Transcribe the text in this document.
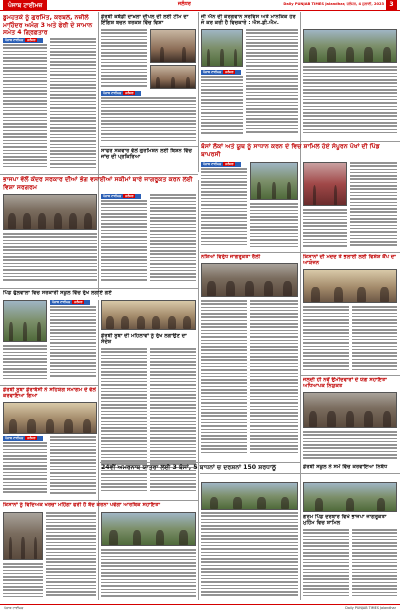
ਪੰਜਾਬ ਟਾਈਮਜ਼	ਜਲੰਧਰ	Daily PUNJAB TIMES Jalandhar, ਜਲੰਧਰ, 4 ਜੁਲਾਈ, 2023 3
ਡੂਮਹਤਕੇ ਨੂੰ ਗੁਰਮਿੰਤ, ਕਰਬਲ, ਨਜ਼ੀਲੇ ਮਾਹਿੰਦਰ ਅਮੰਗ 3 ਅਤੇ ਫੇਰੀ ਦੇ ਸਾਮਾਨ ਸਮੇਤ 4 ਗ੍ਰਿਫ਼ਤਾਰ
ਪੰਜਾਬ ਟਾਈਮਜ਼ ਜਲੰਧਰ
ਡੇਰਬੀ ਕਬੱਡੀ ਦਾਖ਼ਲਾ ਦੀਪਲ ਦੀ ਲਈ ਟੀਮ ਦਾ ਇੰਗਿਸ਼ ਬਚਨ ਤਰਕਸ਼ ਵਿੱਚ ਵਿਸ਼ਾ
ਪੰਜਾਬ ਟਾਈਮਜ਼ ਜਲੰਧਰ
ਸਾਫਰ ਸਕਵਾਰ ਵੱਲੋਂ ਗੁਰਮਿਸ਼ਨ ਲਈ ਬਿਸ਼ਨ ਵਿੱਚ ਜਾਂਚ ਦੀ ਪ੍ਰਕਿਰਿਆ
ਜੀ ਐਨ ਦੀ ਕੋਰਗਵਾਨ ਸਰਵਿਸ ਅਤੇ ਮਾਨਕਿਕ ਹੋਰ ਜੋ ਕਰ ਕਰੀ ਹੈ ਵਿਚਕਾਰੇ : ਐਸ.ਡੀ.ਐਮ.
ਪੰਜਾਬ ਟਾਈਮਜ਼ ਜਲੰਧਰ
ਬੱਸਾਂ ਲੋਕਾਂ ਅਤੇ ਯੂਥ ਨੂੰ ਸਾਧਾਨ ਕਰਨ ਦੇ ਵਿਚ ਸ਼ਾਮਿਲ ਹੋਏ ਸੰਪੂਰਨ ਪੱਖਾਂ ਦੀ ਪਿੰਡ ਬਾਪਰਸੀ
ਪੰਜਾਬ ਟਾਈਮਜ਼ ਜਲੰਧਰ
ਭਾਜਪਾ ਵੱਲੋਂ ਕੇਂਦਰ ਸਰਕਾਰ ਦੀਆਂ ਭੋਗ ਵਸਾਈਆਂ ਸਕੀਮਾਂ ਬਾਰੇ ਜਾਗਰੂਕਤ ਕਰਨ ਲਈ ਵਿਸ਼ਾ ਸਰਗਰਮ
ਪੰਜਾਬ ਟਾਈਮਜ਼ ਜਲੰਧਰ
ਪਿੰਡ ਫੁੱਲਵਾਲਾ ਵਿਚ ਸਰਕਾਰੀ ਸਕੂਲ ਵਿੱਚ ਰੁੱਖ ਲਗਾਏ ਗਏ
ਪੰਜਾਬ ਟਾਈਮਜ਼ ਜਲੰਧਰ
ਡੇਰਬੀ ਸੂਬਾ ਡੇਰਾਬੱਸੀ ਨੇ ਸਹਿਯੋਗ ਸਮਾਗਮ ਦੇ ਵੱਲੋਂ ਕਰਵਾਇਆ ਗਿਆ
ਪੰਜਾਬ ਟਾਈਮਜ਼ ਜਲੰਧਰ
ਕਿਸਾਨਾਂ ਨੂੰ ਵਿਦਿਅਕ ਖਰਚਾ ਮਹਿੰਗਾ ਫਰੀ ਹੈ ਬੰਦ ਕਰਨਾ ਪਵੇਗਾ ਆਰਥਿਕ ਸਹਾਇਤਾ
ਡੇਰਬੀ ਸੂਬਾ ਦੀ ਮਹਿਲਾਵਾਂ ਨੂੰ ਰੁੱਖ ਲਗਾਉਣ ਦਾ ਸੰਦੇਸ਼
ਨਸ਼ਿਆਂ ਵਿਰੁੱਧ ਜਾਗਰੂਕਤਾ ਰੈਲੀ
24ਵੀਂ ਅਮਰਨਾਥ ਯਾਤਰਾ ਲਈ 3 ਬੱਸਾਂ, 5 ਬਾਧਨਾਂ ਚ ਦਰਸ਼ਨਾਂ 150 ਸ਼ਰਧਾਲੂ
ਕਿਸਾਨਾਂ ਦੀ ਮਦਦ ਤੇ ਭਲਾਈ ਲਈ ਵਿਸ਼ੇਸ਼ ਕੈਂਪ ਦਾ ਆਯੋਜਨ
ਜਲਦੀ ਹੀ ਨਵੇਂ ਉਮੀਦਵਾਰਾਂ ਦੇ ਯੋਗ ਸਹਾਇਤਾ ਅਧਿਆਪਕ ਨਿਯੁਕਤ
ਡੇਰਬੀ ਸਕੂਲ ਨੇ ਸਮੇਂ ਵਿੱਚ ਕਰਵਾਇਆ ਨਿਬੰਧ
ਗਰਮ ਪਿੰਡ ਦਰਬਾਰ ਵਿਖੇ ਭਾਜਪਾ ਜਾਗਰੂਕਤਾ ਮੁਹਿੰਮ ਵਿਚ ਸ਼ਾਮਿਲ
ਪੰਜਾਬ ਟਾਈਮਜ਼	Daily PUNJAB TIMES Jalandhar
